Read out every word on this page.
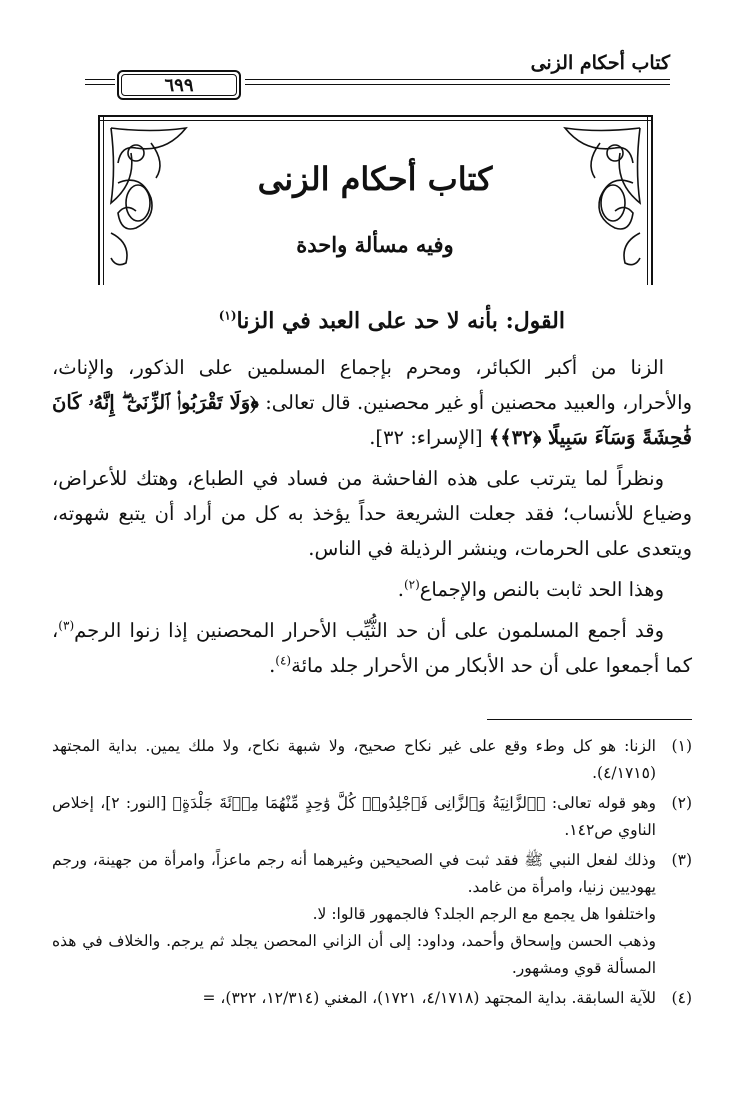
كتاب أحكام الزنى
٦٩٩
كتاب أحكام الزنى
وفيه مسألة واحدة
القول: بأنه لا حد على العبد في الزنا$^{(١)}$

الزنا من أكبر الكبائر، ومحرم بإجماع المسلمين على الذكور، والإناث، والأحرار، والعبيد محصنين أو غير محصنين. قال تعالى: ﴿وَلَا تَقْرَبُوا۟ ٱلزِّنَىٰٓ ۖ إِنَّهُۥ كَانَ فَٰحِشَةً وَسَآءَ سَبِيلًا ﴿٣٢﴾﴾ [الإسراء: ٣٢].

ونظراً لما يترتب على هذه الفاحشة من فساد في الطباع، وهتك للأعراض، وضياع للأنساب؛ فقد جعلت الشريعة حداً يؤخذ به كل من أراد أن يتبع شهوته، ويتعدى على الحرمات، وينشر الرذيلة في الناس.

وهذا الحد ثابت بالنص والإجماع$^{(٢)}$.

وقد أجمع المسلمون على أن حد الثُّيِّب الأحرار المحصنين إذا زنوا الرجم$^{(٣)}$، كما أجمعوا على أن حد الأبكار من الأحرار جلد مائة$^{(٤)}$.

(١)
الزنا: هو كل وطء وقع على غير نكاح صحيح، ولا شبهة نكاح، ولا ملك يمين. بداية المجتهد (٤/١٧١٥).
(٢)
وهو قوله تعالى: ﴿ٱلزَّانِيَةُ وَٱلزَّانِى فَٱجْلِدُوا۟ كُلَّ وَٰحِدٍ مِّنْهُمَا مِا۟ئَةَ جَلْدَةٍ﴾ [النور: ٢]، إخلاص الناوي ص١٤٢.
(٣)
وذلك لفعل النبي ﷺ فقد ثبت في الصحيحين وغيرهما أنه رجم ماعزاً، وامرأة من جهينة، ورجم يهوديين زنيا، وامرأة من غامد.
واختلفوا هل يجمع مع الرجم الجلد؟ فالجمهور قالوا: لا.
وذهب الحسن وإسحاق وأحمد، وداود: إلى أن الزاني المحصن يجلد ثم يرجم. والخلاف في هذه المسألة قوي ومشهور.
(٤)
للآية السابقة. بداية المجتهد (٤/١٧١٨، ١٧٢١)، المغني (١٢/٣١٤، ٣٢٢)، =
